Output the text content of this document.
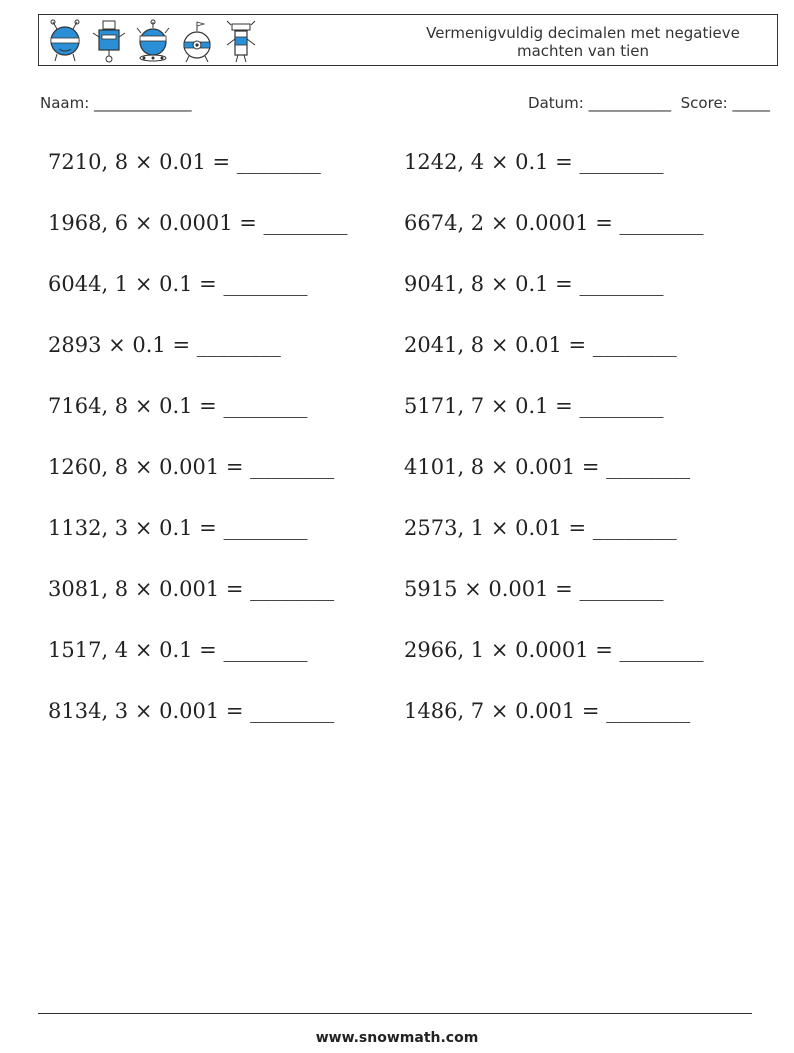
Vermenigvuldig decimalen met negatieve machten van tien
Naam: _____________	Datum: ___________ Score: _____
7210, 8 × 0.01 = ________	1242, 4 × 0.1 = ________
1968, 6 × 0.0001 = ________	6674, 2 × 0.0001 = ________
6044, 1 × 0.1 = ________	9041, 8 × 0.1 = ________
2893 × 0.1 = ________	2041, 8 × 0.01 = ________
7164, 8 × 0.1 = ________	5171, 7 × 0.1 = ________
1260, 8 × 0.001 = ________	4101, 8 × 0.001 = ________
1132, 3 × 0.1 = ________	2573, 1 × 0.01 = ________
3081, 8 × 0.001 = ________	5915 × 0.001 = ________
1517, 4 × 0.1 = ________	2966, 1 × 0.0001 = ________
8134, 3 × 0.001 = ________	1486, 7 × 0.001 = ________
www.snowmath.com
